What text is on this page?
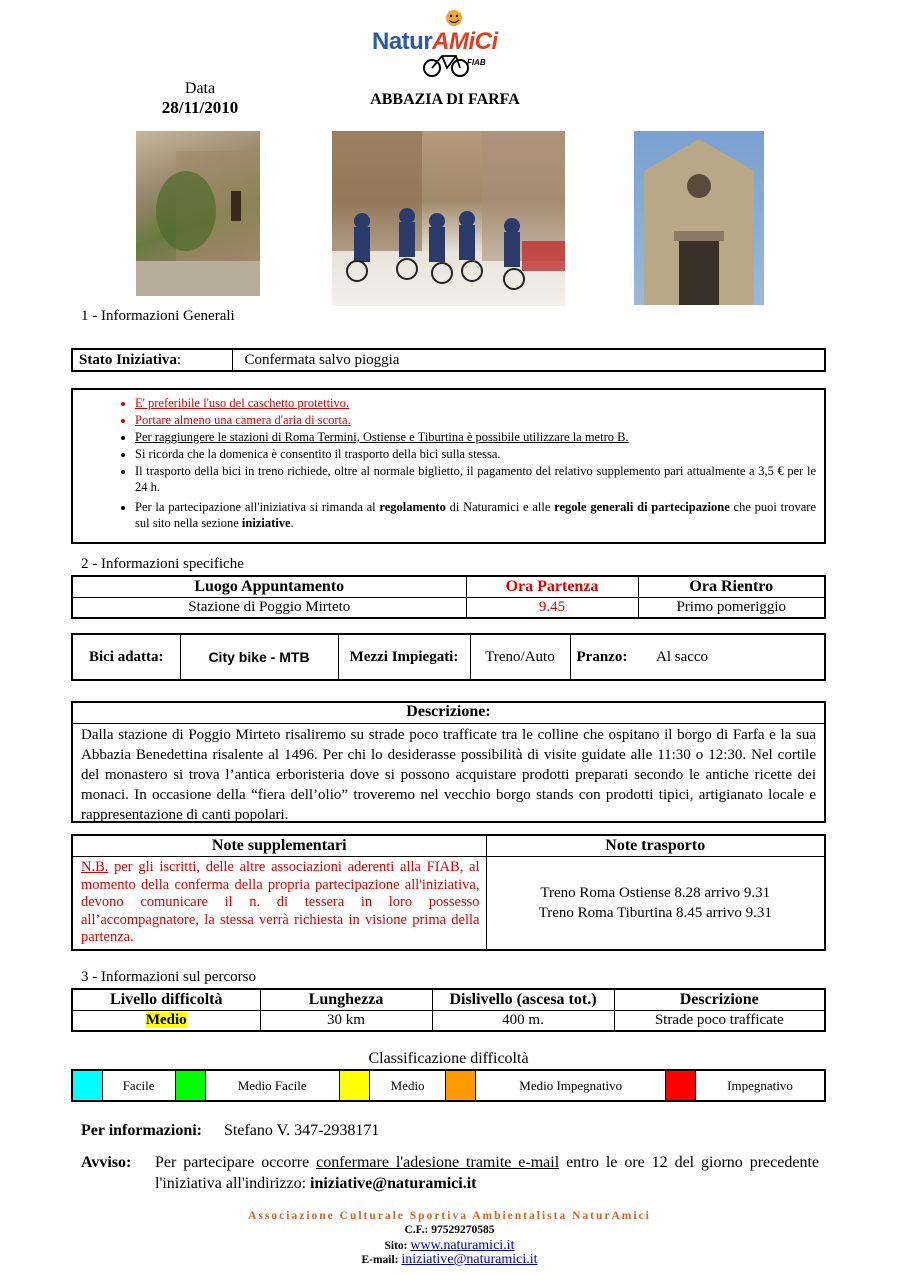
NaturAMiCi
FIAB
Data
28/11/2010	ABBAZIA DI FARFA
1 - Informazioni Generali
Stato Iniziativa:	Confermata salvo pioggia
• E' preferibile l'uso del caschetto protettivo.
• Portare almeno una camera d'aria di scorta.
• Per raggiungere le stazioni di Roma Termini, Ostiense e Tiburtina è possibile utilizzare la metro B.
• Si ricorda che la domenica è consentito il trasporto della bici sulla stessa.
• Il trasporto della bici in treno richiede, oltre al normale biglietto, il pagamento del relativo supplemento pari attualmente a 3,5 € per le 24 h.
• Per la partecipazione all'iniziativa si rimanda al regolamento di Naturamici e alle regole generali di partecipazione che puoi trovare sul sito nella sezione iniziative.
2 - Informazioni specifiche
Luogo Appuntamento	Ora Partenza	Ora Rientro
Stazione di Poggio Mirteto	9.45	Primo pomeriggio
Bici adatta:	City bike - MTB	Mezzi Impiegati:	Treno/Auto	Pranzo:	Al sacco
Descrizione:
Dalla stazione di Poggio Mirteto risaliremo su strade poco trafficate tra le colline che ospitano il borgo di Farfa e la sua Abbazia Benedettina risalente al 1496. Per chi lo desiderasse possibilità di visite guidate alle 11:30 o 12:30. Nel cortile del monastero si trova l’antica erboristeria dove si possono acquistare prodotti preparati secondo le antiche ricette dei monaci. In occasione della “fiera dell’olio” troveremo nel vecchio borgo stands con prodotti tipici, artigianato locale e rappresentazione di canti popolari.
Note supplementari	Note trasporto
N.B. per gli iscritti, delle altre associazioni aderenti alla FIAB, al momento della conferma della propria partecipazione all'iniziativa, devono comunicare il n. di tessera in loro possesso all’accompagnatore, la stessa verrà richiesta in visione prima della partenza.	Treno Roma Ostiense 8.28 arrivo 9.31
Treno Roma Tiburtina 8.45 arrivo 9.31
3 - Informazioni sul percorso
Livello difficoltà	Lunghezza	Dislivello (ascesa tot.)	Descrizione
Medio	30 km	400 m.	Strade poco trafficate
Classificazione difficoltà
	Facile		Medio Facile		Medio		Medio Impegnativo		Impegnativo
Per informazioni: Stefano V. 347-2938171
Avviso: Per partecipare occorre confermare l'adesione tramite e-mail entro le ore 12 del giorno precedente l'iniziativa all'indirizzo: iniziative@naturamici.it
Associazione Culturale Sportiva Ambientalista NaturAmici
C.F.: 97529270585
Sito: www.naturamici.it
E-mail: iniziative@naturamici.it
